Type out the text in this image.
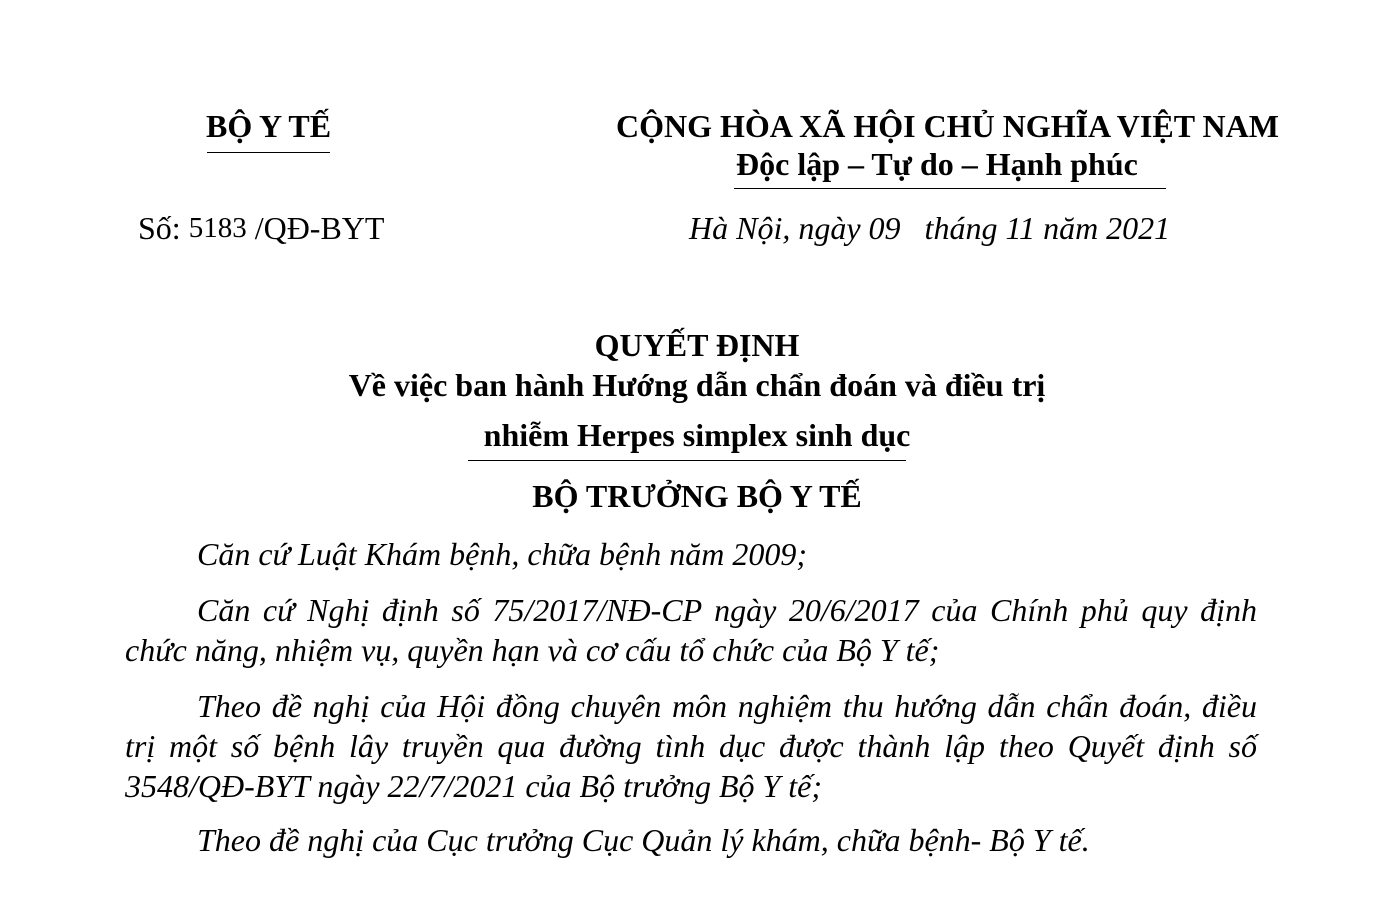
BỘ Y TẾ	CỘNG HÒA XÃ HỘI CHỦ NGHĨA VIỆT NAM
Độc lập – Tự do – Hạnh phúc
Số: 5183 /QĐ-BYT	Hà Nội, ngày 09   tháng 11 năm 2021
QUYẾT ĐỊNH
Về việc ban hành Hướng dẫn chẩn đoán và điều trị
nhiễm Herpes simplex sinh dục
BỘ TRƯỞNG BỘ Y TẾ
Căn cứ Luật Khám bệnh, chữa bệnh năm 2009;
Căn cứ Nghị định số 75/2017/NĐ-CP ngày 20/6/2017 của Chính phủ quy định chức năng, nhiệm vụ, quyền hạn và cơ cấu tổ chức của Bộ Y tế;
Theo đề nghị của Hội đồng chuyên môn nghiệm thu hướng dẫn chẩn đoán, điều trị một số bệnh lây truyền qua đường tình dục được thành lập theo Quyết định số 3548/QĐ-BYT ngày 22/7/2021 của Bộ trưởng Bộ Y tế;
Theo đề nghị của Cục trưởng Cục Quản lý khám, chữa bệnh- Bộ Y tế.
